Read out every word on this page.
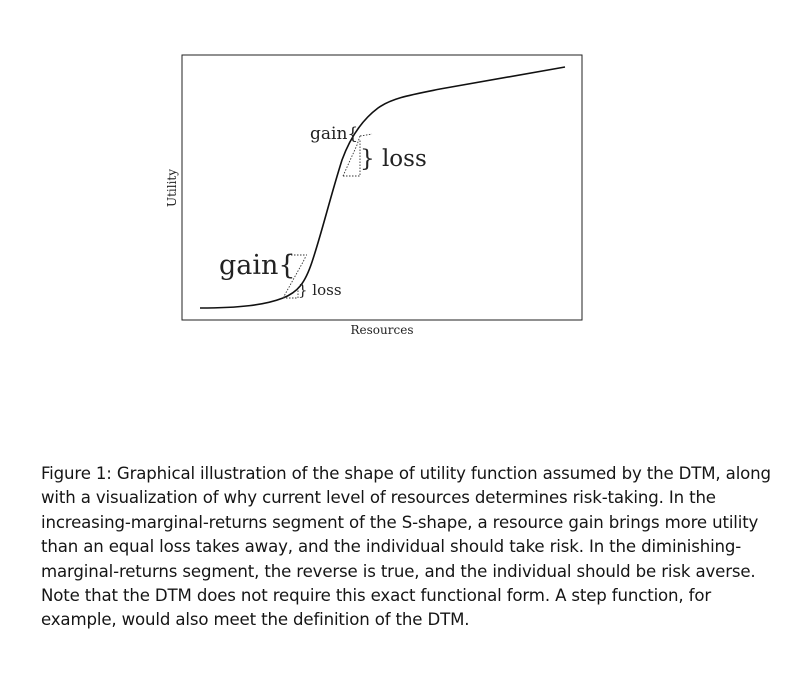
gain{
} loss
gain{
} loss
Resources
Utility

Figure 1: Graphical illustration of the shape of utility function assumed by the DTM, along with a visualization of why current level of resources determines risk-taking. In the increasing-marginal-returns segment of the S-shape, a resource gain brings more utility than an equal loss takes away, and the individual should take risk. In the diminishing-marginal-returns segment, the reverse is true, and the individual should be risk averse. Note that the DTM does not require this exact functional form. A step function, for example, would also meet the definition of the DTM.
